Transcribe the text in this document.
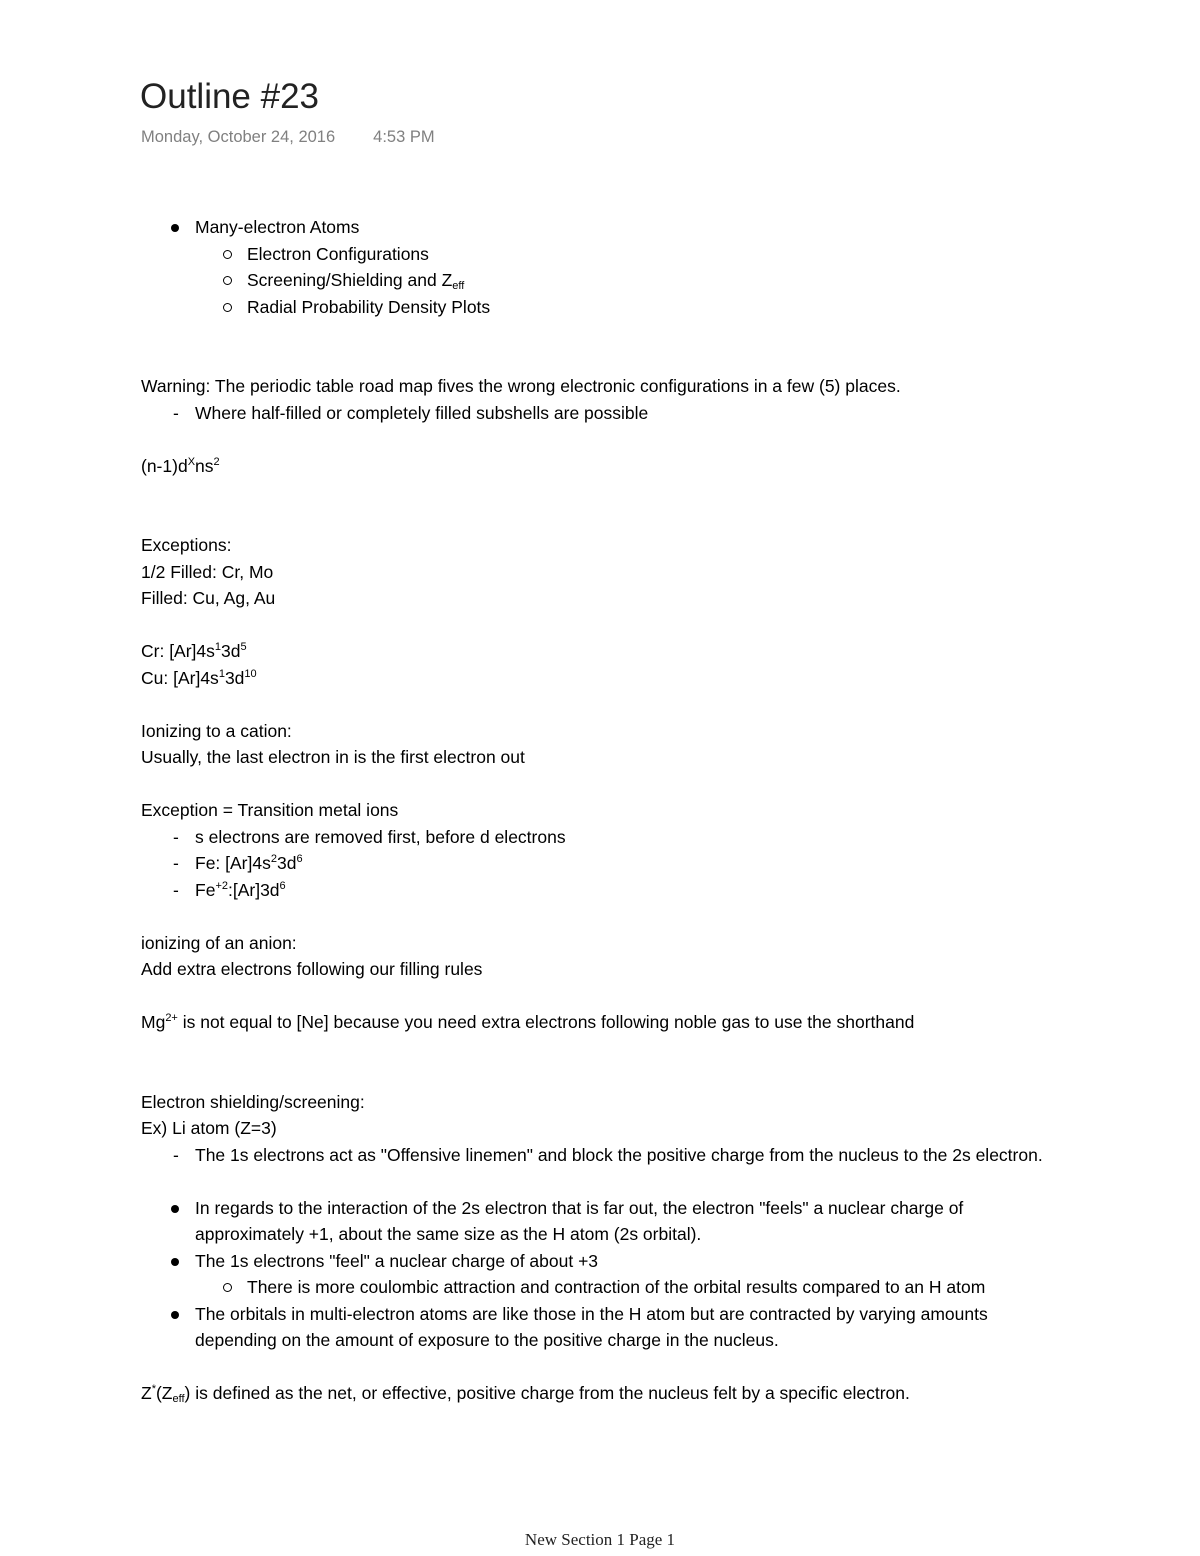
Outline #23
Monday, October 24, 2016 4:53 PM
Many-electron Atoms
Electron Configurations
Screening/Shielding and $Z_{eff}$
Radial Probability Density Plots

Warning: The periodic table road map fives the wrong electronic configurations in a few (5) places.

- Where half-filled or completely filled subshells are possible

$(n-1)d^Xns^2$

Exceptions:

1/2 Filled: Cr, Mo

Filled: Cu, Ag, Au

Cr: $[Ar]4s^13d^5$

Cu: $[Ar]4s^13d^{10}$

Ionizing to a cation:

Usually, the last electron in is the first electron out

Exception = Transition metal ions

- s electrons are removed first, before d electrons
- Fe: $[Ar]4s^23d^6$
- $Fe^{+2}:[Ar]3d^6$

ionizing of an anion:

Add extra electrons following our filling rules

$Mg^{2+}$ is not equal to [Ne] because you need extra electrons following noble gas to use the shorthand

Electron shielding/screening:

Ex) Li atom (Z=3)

- The 1s electrons act as "Offensive linemen" and block the positive charge from the nucleus to the 2s electron.
In regards to the interaction of the 2s electron that is far out, the electron "feels" a nuclear charge of approximately +1, about the same size as the H atom (2s orbital).
The 1s electrons "feel" a nuclear charge of about +3
There is more coulombic attraction and contraction of the orbital results compared to an H atom
The orbitals in multi-electron atoms are like those in the H atom but are contracted by varying amounts depending on the amount of exposure to the positive charge in the nucleus.

$Z^*(Z_{eff})$ is defined as the net, or effective, positive charge from the nucleus felt by a specific electron.

New Section 1 Page 1
